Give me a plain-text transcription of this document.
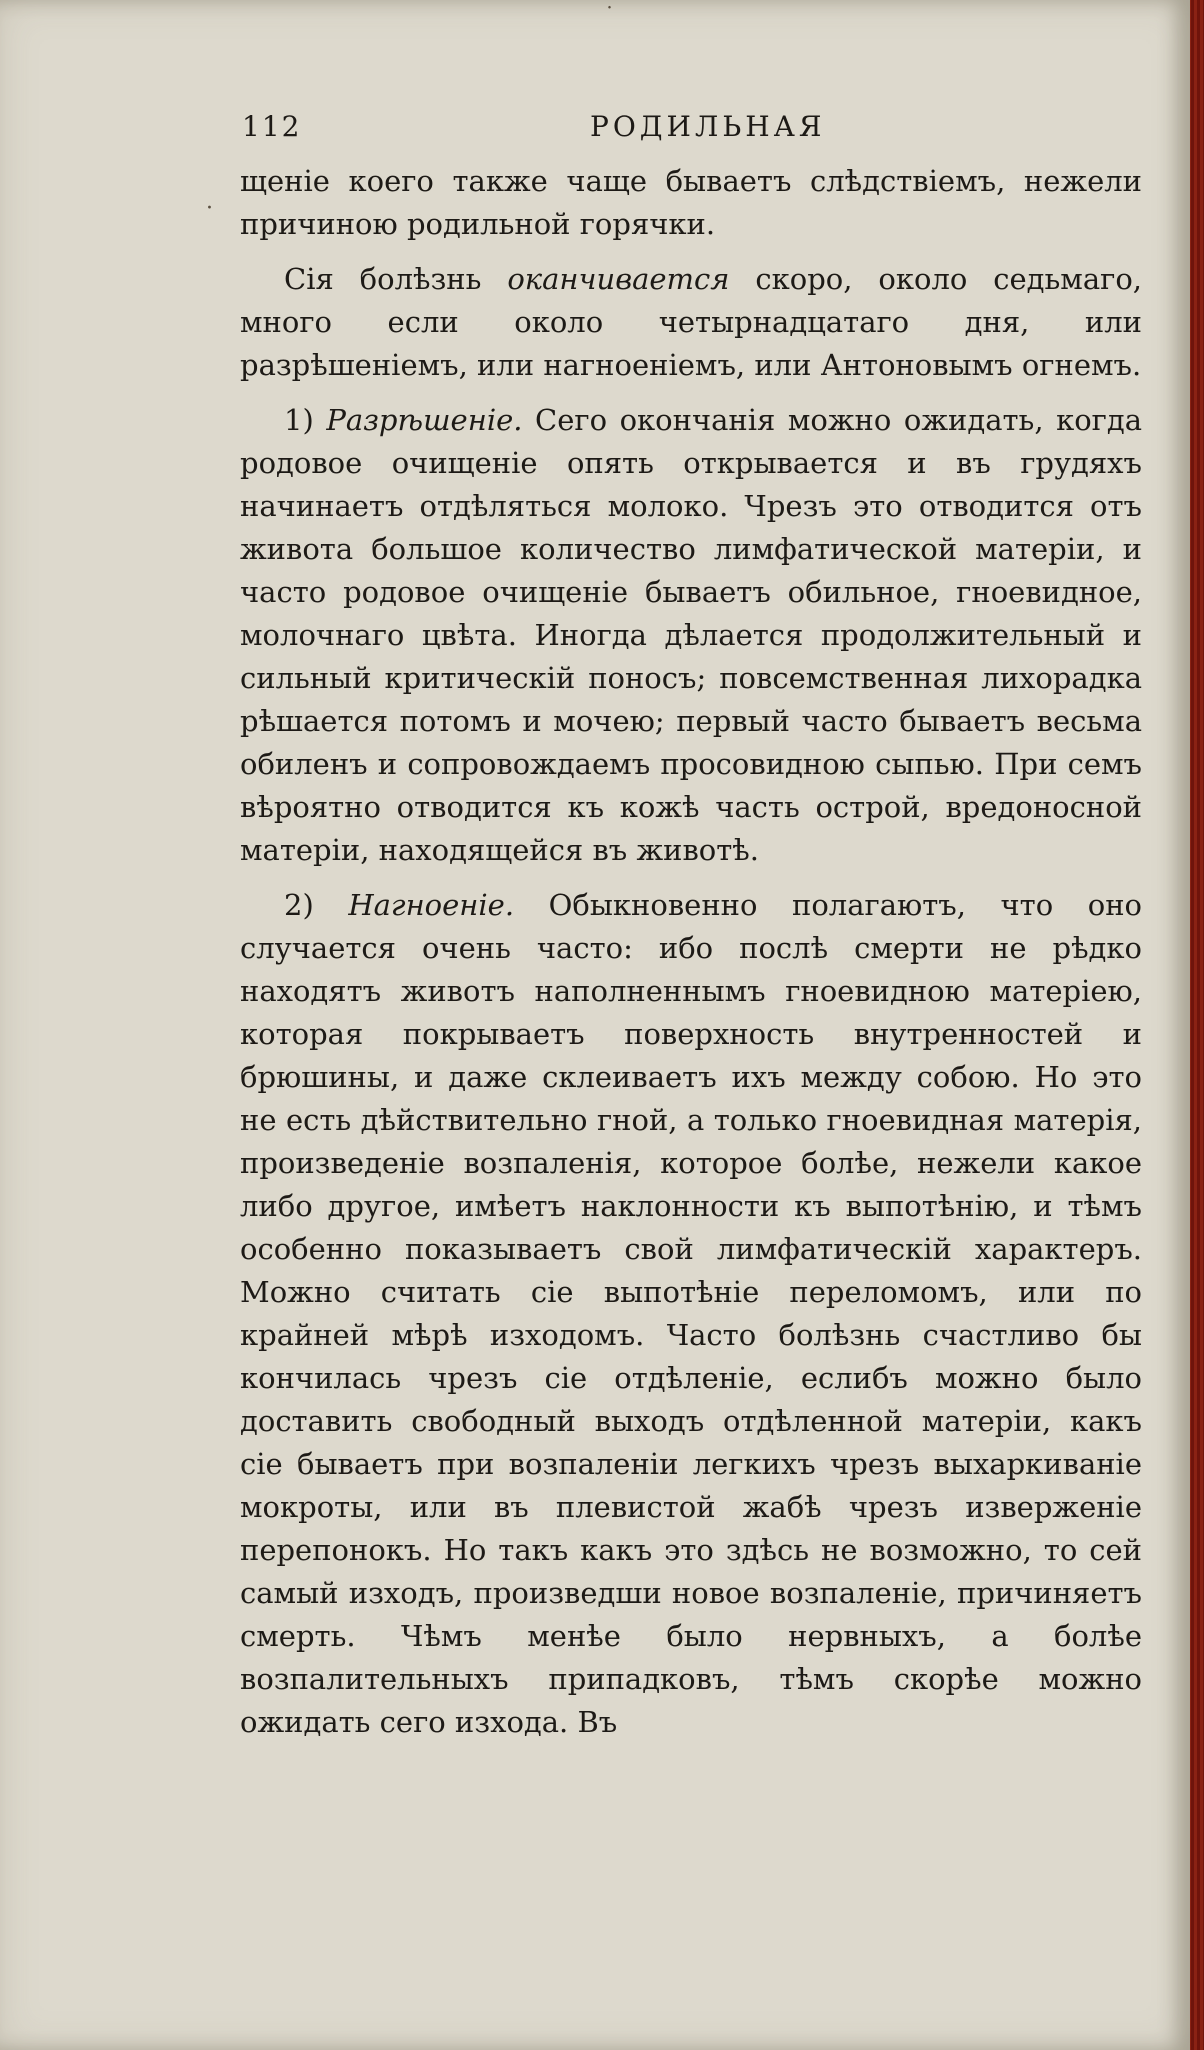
˙
·
112	РОДИЛЬНАЯ

щеніе коего также чаще бываетъ слѣдствіемъ, нежели причиною родильной горячки.

Сія болѣзнь оканчивается скоро, около седьмаго, много если около четырнадцатаго дня, или разрѣшеніемъ, или нагноеніемъ, или Антоновымъ огнемъ.

1) Разрѣшеніе. Сего окончанія можно ожидать, когда родовое очищеніе опять открывается и въ грудяхъ начинаетъ отдѣляться молоко. Чрезъ это отводится отъ живота большое количество лимфатической матеріи, и часто родовое очищеніе бываетъ обильное, гноевидное, молочнаго цвѣта. Иногда дѣлается продолжительный и сильный критическій поносъ; повсемственная лихорадка рѣшается потомъ и мочею; первый часто бываетъ весьма обиленъ и сопровождаемъ просовидною сыпью. При семъ вѣроятно отводится къ кожѣ часть острой, вредоносной матеріи, находящейся въ животѣ.

2) Нагноеніе. Обыкновенно полагаютъ, что оно случается очень часто: ибо послѣ смерти не рѣдко находятъ животъ наполненнымъ гноевидною матеріею, которая покрываетъ поверхность внутренностей и брюшины, и даже склеиваетъ ихъ между собою. Но это не есть дѣйствительно гной, а только гноевидная матерія, произведеніе возпаленія, которое болѣе, нежели какое либо другое, имѣетъ наклонности къ выпотѣнію, и тѣмъ особенно показываетъ свой лимфатическій характеръ. Можно считать сіе выпотѣніе переломомъ, или по крайней мѣрѣ изходомъ. Часто болѣзнь счастливо бы кончилась чрезъ сіе отдѣленіе, еслибъ можно было доставить свободный выходъ отдѣленной матеріи, какъ сіе бываетъ при возпаленіи легкихъ чрезъ выхаркиваніе мокроты, или въ плевистой жабѣ чрезъ изверженіе перепонокъ. Но такъ какъ это здѣсь не возможно, то сей самый изходъ, произведши новое возпаленіе, причиняетъ смерть. Чѣмъ менѣе было нервныхъ, а болѣе возпалительныхъ припадковъ, тѣмъ скорѣе можно ожидать сего изхода. Въ
